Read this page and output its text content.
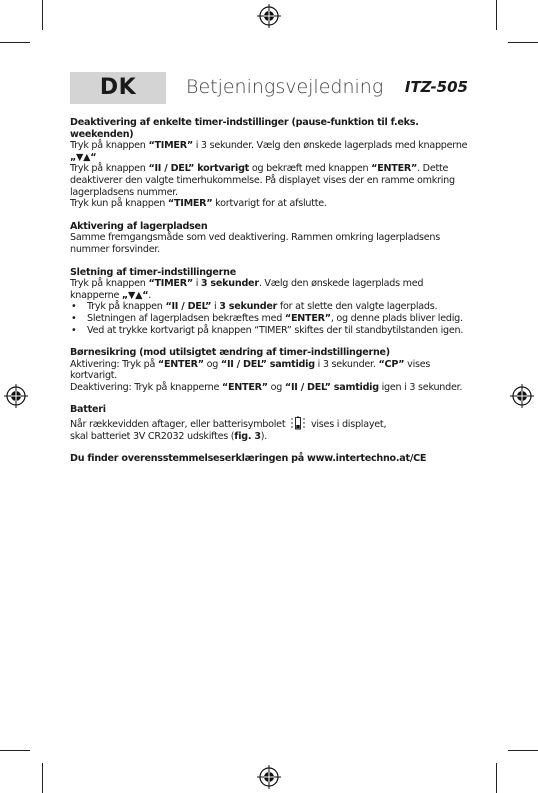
DK	Betjeningsvejledning ITZ-505

Deaktivering af enkelte timer-indstillinger (pause-funktion til f.eks. weekenden)

Tryk på knappen “TIMER” i 3 sekunder. Vælg den ønskede lagerplads med knapperne „▼▲“

Tryk på knappen “II / DEL” kortvarigt og bekræft med knappen “ENTER”. Dette deaktiverer den valgte timerhukommelse. På displayet vises der en ramme omkring lagerpladsens nummer.

Tryk kun på knappen “TIMER” kortvarigt for at afslutte.

Aktivering af lagerpladsen

Samme fremgangsmåde som ved deaktivering. Rammen omkring lagerpladsens nummer forsvinder.

Sletning af timer-indstillingerne

Tryk på knappen “TIMER” i 3 sekunder. Vælg den ønskede lagerplads med knapperne „▼▲“.

• Tryk på knappen “II / DEL” i 3 sekunder for at slette den valgte lagerplads.
• Sletningen af lagerpladsen bekræftes med “ENTER”, og denne plads bliver ledig.
• Ved at trykke kortvarigt på knappen “TIMER” skiftes der til standbytilstanden igen.

Børnesikring (mod utilsigtet ændring af timer-indstillingerne)

Aktivering: Tryk på “ENTER” og “II / DEL” samtidig i 3 sekunder. “CP” vises kortvarigt.

Deaktivering: Tryk på knapperne “ENTER” og “II / DEL” samtidig igen i 3 sekunder.

Batteri

Når rækkevidden aftager, eller batterisymbolet  vises i displayet,

skal batteriet 3V CR2032 udskiftes (fig. 3).

Du finder overensstemmelseserklæringen på www.intertechno.at/CE
